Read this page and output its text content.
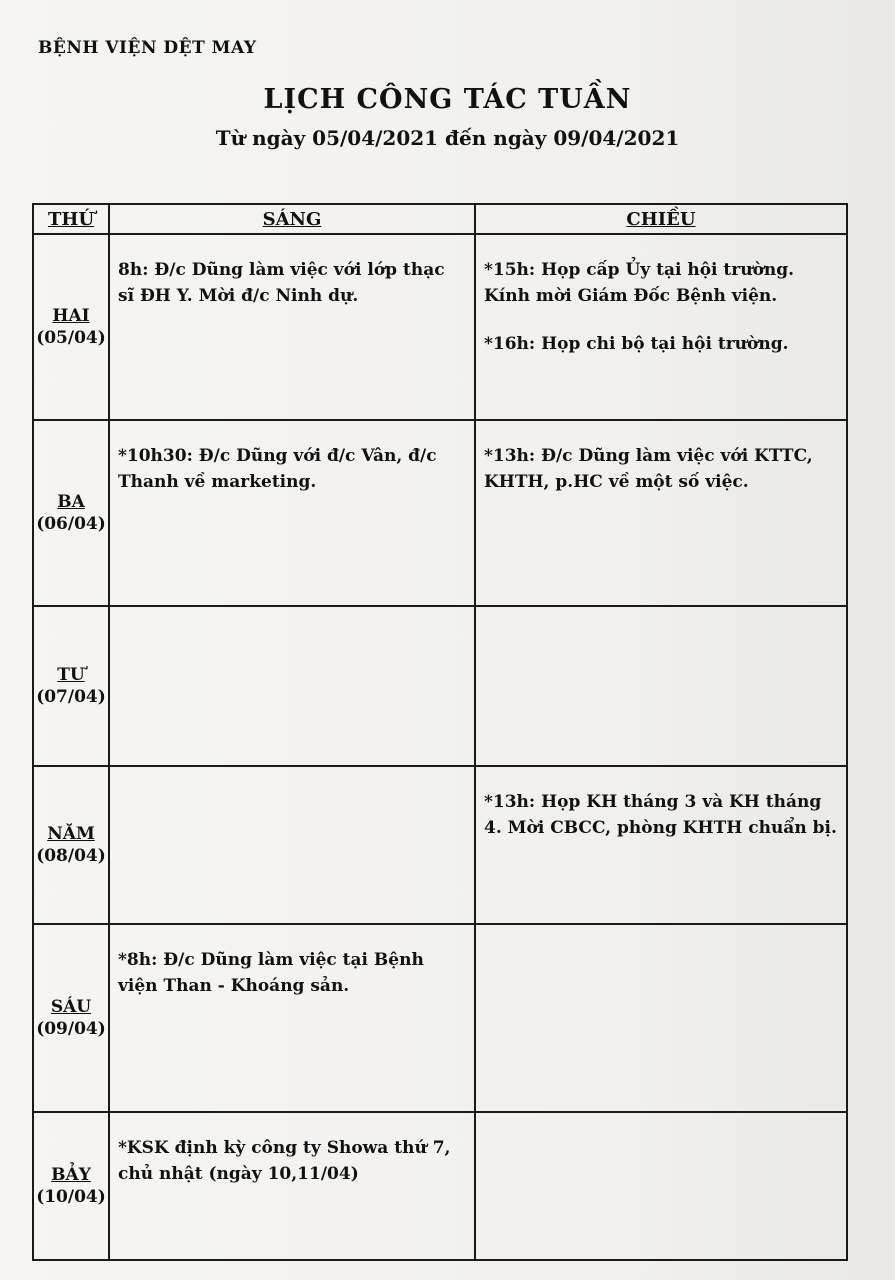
BỆNH VIỆN DỆT MAY
LỊCH CÔNG TÁC TUẦN
Từ ngày 05/04/2021 đến ngày 09/04/2021
THỨ	SÁNG	CHIỀU

HAI
(05/04)	8h: Đ/c Dũng làm việc với lớp thạc sĩ ĐH Y. Mời đ/c Ninh dự.	*15h: Họp cấp Ủy tại hội trường. Kính mời Giám Đốc Bệnh viện.
*16h: Họp chi bộ tại hội trường.

BA
(06/04)	*10h30: Đ/c Dũng với đ/c Vân, đ/c Thanh về marketing.	*13h: Đ/c Dũng làm việc với KTTC, KHTH, p.HC về một số việc.

TƯ
(07/04)		

NĂM
(08/04)		*13h: Họp KH tháng 3 và KH tháng 4. Mời CBCC, phòng KHTH chuẩn bị.

SÁU
(09/04)	*8h: Đ/c Dũng làm việc tại Bệnh viện Than - Khoáng sản.	

BẢY
(10/04)	*KSK định kỳ công ty Showa thứ 7, chủ nhật (ngày 10,11/04)	
